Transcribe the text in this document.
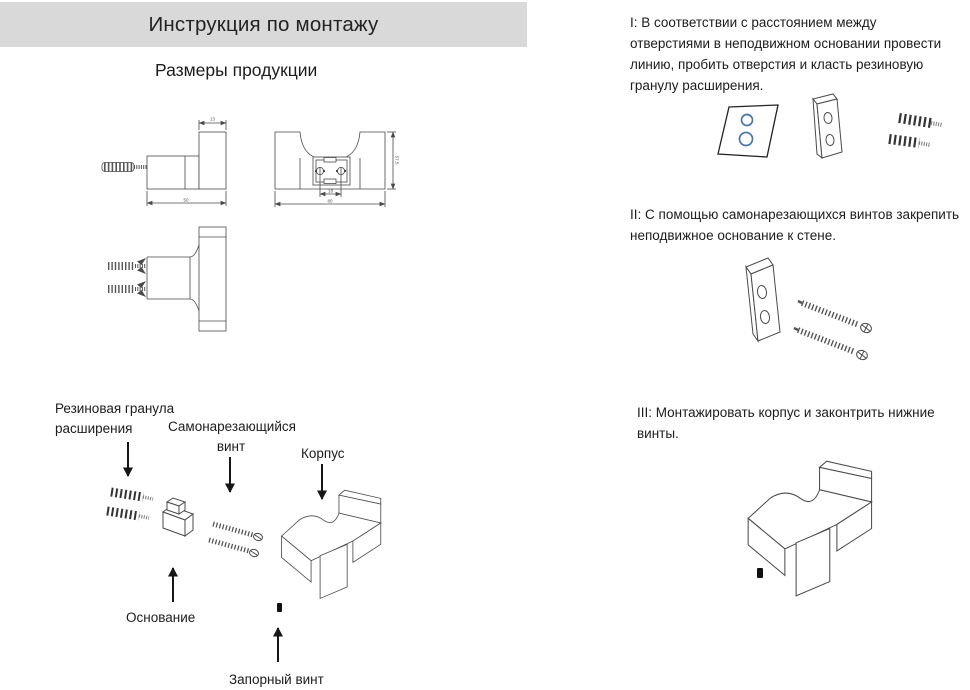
Инструкция по монтажу
Размеры продукции
13
50
57.5
18
80
Резиновая гранула расширения	Самонарезающийся
винт	Корпус
Основание
Запорный винт
I: В соответствии с расстоянием между отверстиями в неподвижном основании провести линию, пробить отверстия и класть резиновую гранулу расширения.
II: С помощью самонарезающихся винтов закрепить неподвижное основание к стене.
III: Монтажировать корпус и законтрить нижние винты.
